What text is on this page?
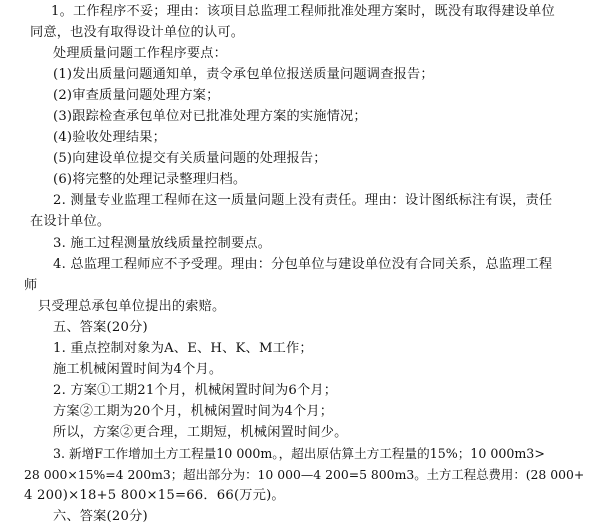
1。工作程序不妥；理由：该项目总监理工程师批准处理方案时，既没有取得建设单位
同意，也没有取得设计单位的认可。
处理质量问题工作程序要点：
(1)发出质量问题通知单，责令承包单位报送质量问题调查报告；
(2)审查质量问题处理方案；
(3)跟踪检查承包单位对已批准处理方案的实施情况；
(4)验收处理结果；
(5)向建设单位提交有关质量问题的处理报告；
(6)将完整的处理记录整理归档。
2. 测量专业监理工程师在这一质量问题上没有责任。理由：设计图纸标注有误，责任
在设计单位。
3. 施工过程测量放线质量控制要点。
4. 总监理工程师应不予受理。理由：分包单位与建设单位没有合同关系，总监理工程
师
只受理总承包单位提出的索赔。
五、答案(20分)
1. 重点控制对象为A、E、H、K、M工作；
施工机械闲置时间为4个月。
2. 方案①工期21个月，机械闲置时间为6个月；
方案②工期为20个月，机械闲置时间为4个月；
所以，方案②更合理，工期短，机械闲置时间少。
3. 新增F工作增加土方工程量10 000m。，超出原估算土方工程量的15%；10 000m3>
28 000×15%=4 200m3；超出部分为：10 000—4 200=5 800m3。土方工程总费用：(28 000+
4 200)×18+5 800×15=66．66(万元)。
六、答案(20分)
